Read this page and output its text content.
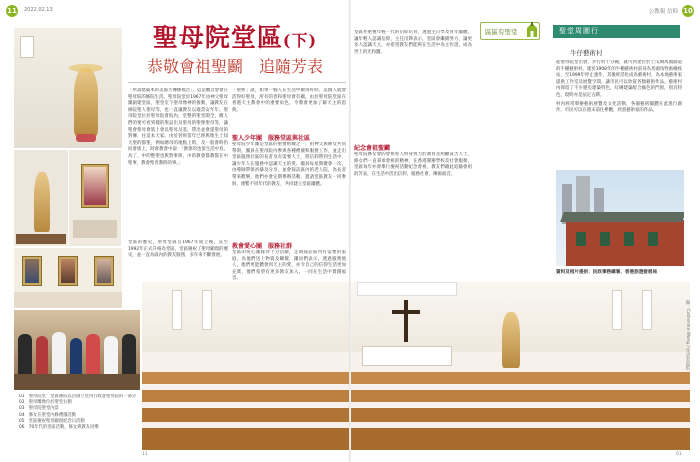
11 2022.02.13	10
公教報 信仰
01　聖母院堂：堂區修院以活潑立堂內行政並聖母院的一部分
02　聖母雕像位於聖堂右側
03　聖母院聖堂內景
04　修女在聖堂內修禮儀活動
05　堂區慶祝聖母顯現紀念日活動
06　70年代的堂區活動，修女與教友同樂
聖母院堂區(下)
恭敬會祖聖鬬　追隨芳表

「所謂建築本的美都大傳播福音」，這是觀音會會在聖母院的修院生活。聖母院堂於1967年由神父聖母團創建堂區，聖堂室下聖母像神的推動，讓教友在修院聖人聖母等，也一直讓教友以適當安年年。聖母院堂位於聖母院會院內，堂整的聖堂開全，總人們的要可看到樣的聖品出及聖母的聖像聖母等，讓聖會聖母會旅上會以聖母及基，帶出並會提聖母的對傳，往這本天家。由於曾經當年已經與地生上知天聖的都聖，例如總母的地點上時，及一般會時仍同會旅上，時會教會中說：「教會的也很生活中育。為了，中的整聖也與對事與，中的教會都教都在中聖事，教會聖善教時的事。」

堂區的歷史，聖母堂區自1967年成立後，直至1992年正式升格為堂區，堂區慶祝了聖母顯現的歷史，並一直為區內的教友服務，多年來不斷發展。

「聖經」說，如果一個人在生活中做得好時，這個人就會活得好聖母，所有的善和聖母會有關。由於聖母院堂區在香港天主教會中的重要角色，令教會更加了解天主的恩典。

聖人少年團　服務堂區與社區

聖母院少年團是堂區的重要組織之一，由神父與修女共同帶領，團員在聖母院內參與各種禮儀和服務工作，並走出堂區服務社區的長者及有需要人士，將信仰帶到生活中，讓少年人在服務中認識天主的愛。團員每星期聚會一次，由導師帶領祈禱及分享，並會探訪區內的老人院，為長者帶來歡樂。他們亦會定期舉辦活動，邀請堂區教友一同參與，連繫不同年代的教友，共同建立堂區團體。

教會愛心團　服務社群

堂區的愛心團隊亦十分活躍，定期探訪區內有需要的家庭，為他們送上物資及關懷，團員們表示，透過服務他人，他們更能體會到天主的愛，亦令自己的信仰生活更加充實，他們希望有更多教友加入，一同在生活中實踐福音。

堂區亦重視年輕一代的信仰培育，透過主日學及青年團體，讓年輕人認識信仰，主任司鐸表示，堂區會繼續努力，讓更多人認識天主，亦希望教友們能夠在生活中為主作證，成為世上的光和鹽。

紀念會祖聖鬬

聖母院修女會的會祖聖人終身致力於教育及照顧貧苦人士，修女們一直秉承會祖的精神，在香港開辦學校及社會服務，堂區每年亦會舉行慶祝活動紀念會祖，教友們藉此追隨會祖的芳表，在生活中活出信仰，服務社會，傳揚福音。

區區有聖堂	聖堂周圍行
牛仔藝術村

從聖母院堂出發，步行約十分鐘，就可到達位於土瓜灣馬頭涌道的牛棚藝術村。建於1908年的牛棚藝術村前身為馬頭角牲畜檢疫站，至1999年停止運作，其後經活化成為藝術村，為本地藝術家提供工作室及展覽空間，讓市民可以欣賞各類藝術作品。藝術村內保留了不少歷史建築特色，紅磚建築配合綠色的門窗，別具特色，現時亦是法定古蹟。

村內經常舉辦藝術展覽及文化活動，各個藝術團體在此進行創作，市民可以在週末前往參觀，欣賞藝術家的作品。

資料及相片提供：民政事務總署、香港旅遊發展局
攝：Catherine Wong / 受訪者提供
11	01
